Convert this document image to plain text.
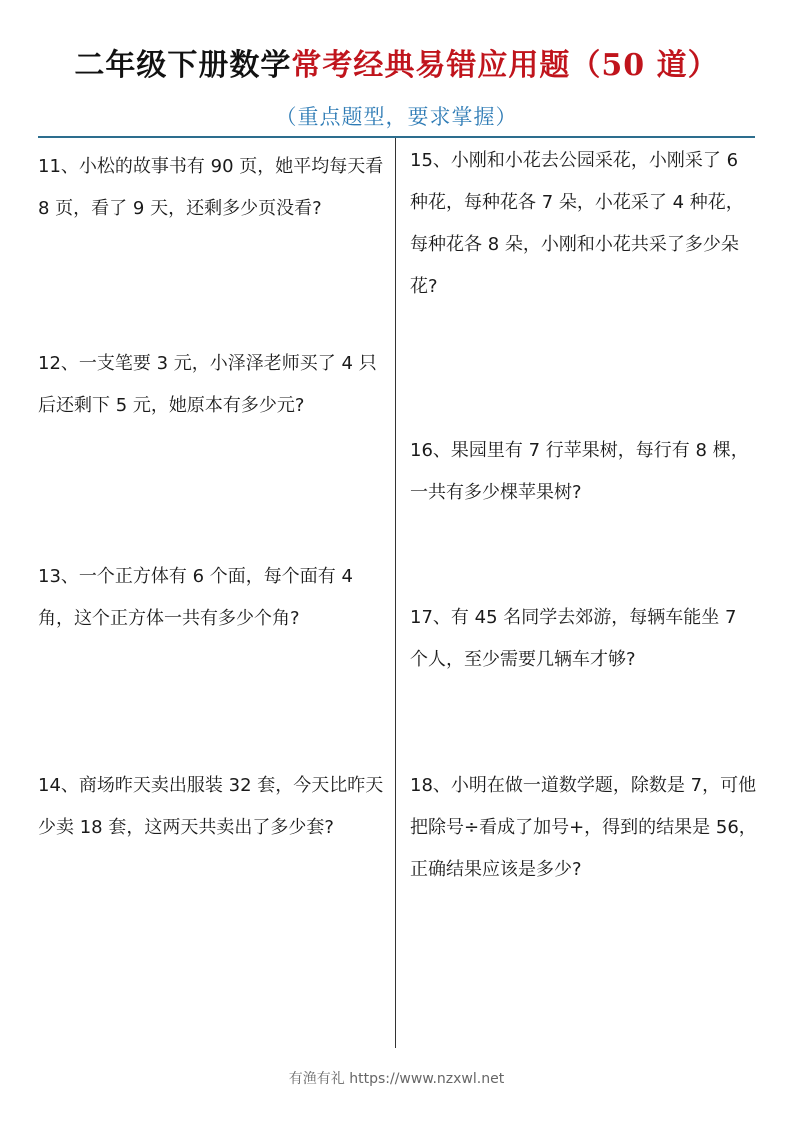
二年级下册数学常考经典易错应用题（50 道）
（重点题型，要求掌握）
11、小松的故事书有 90 页，她平均每天看 8 页，看了 9 天，还剩多少页没看?
12、一支笔要 3 元，小泽泽老师买了 4 只后还剩下 5 元，她原本有多少元?
13、一个正方体有 6 个面，每个面有 4 角，这个正方体一共有多少个角?
14、商场昨天卖出服装 32 套，今天比昨天少卖 18 套，这两天共卖出了多少套?
15、小刚和小花去公园采花，小刚采了 6 种花，每种花各 7 朵，小花采了 4 种花，每种花各 8 朵，小刚和小花共采了多少朵花?
16、果园里有 7 行苹果树，每行有 8 棵，一共有多少棵苹果树?
17、有 45 名同学去郊游，每辆车能坐 7 个人，至少需要几辆车才够?
18、小明在做一道数学题，除数是 7，可他把除号÷看成了加号+，得到的结果是 56，正确结果应该是多少?
有渔有礼 https://www.nzxwl.net
